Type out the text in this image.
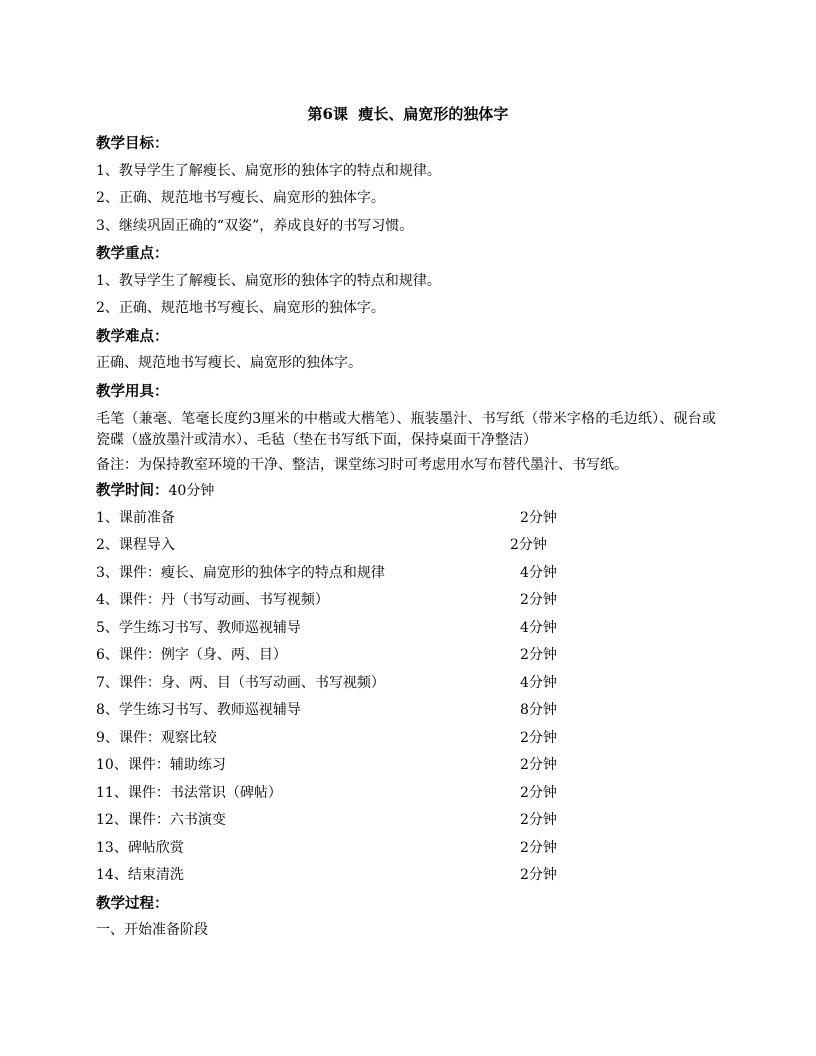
第6课  瘦长、扁宽形的独体字
教学目标：
1、教导学生了解瘦长、扁宽形的独体字的特点和规律。
2、正确、规范地书写瘦长、扁宽形的独体字。
3、继续巩固正确的“双姿”，养成良好的书写习惯。
教学重点：
1、教导学生了解瘦长、扁宽形的独体字的特点和规律。
2、正确、规范地书写瘦长、扁宽形的独体字。
教学难点：
正确、规范地书写瘦长、扁宽形的独体字。
教学用具：
毛笔（兼毫、笔毫长度约3厘米的中楷或大楷笔）、瓶装墨汁、书写纸（带米字格的毛边纸）、砚台或瓷碟（盛放墨汁或清水）、毛毡（垫在书写纸下面，保持桌面干净整洁）
备注：为保持教室环境的干净、整洁，课堂练习时可考虑用水写布替代墨汁、书写纸。
教学时间：40分钟
1、课前准备	2分钟
2、课程导入	2分钟
3、课件：瘦长、扁宽形的独体字的特点和规律	4分钟
4、课件：丹（书写动画、书写视频）	2分钟
5、学生练习书写、教师巡视辅导	4分钟
6、课件：例字（身、两、目）	2分钟
7、课件：身、两、目（书写动画、书写视频）	4分钟
8、学生练习书写、教师巡视辅导	8分钟
9、课件：观察比较	2分钟
10、课件：辅助练习	2分钟
11、课件：书法常识（碑帖）	2分钟
12、课件：六书演变	2分钟
13、碑帖欣赏	2分钟
14、结束清洗	2分钟
教学过程：
一、开始准备阶段
